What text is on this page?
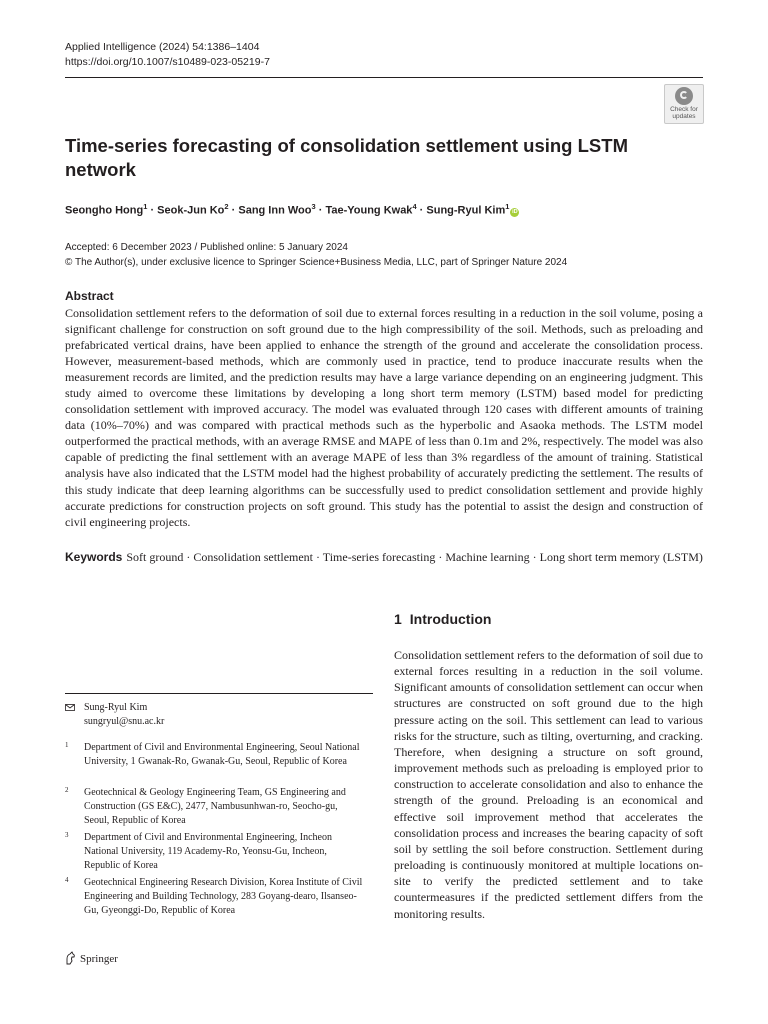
Applied Intelligence (2024) 54:1386–1404
https://doi.org/10.1007/s10489-023-05219-7
Check for
updates
Time-series forecasting of consolidation settlement using LSTM network
Seongho Hong$^1$ · Seok-Jun $Ko^2$ · Sang Inn Woo$^3$ · Tae-Young Kwak$^4$ · Sung-Ryul Kim$^1$iD
Accepted: 6 December 2023 / Published online: 5 January 2024
© The Author(s), under exclusive licence to Springer Science+Business Media, LLC, part of Springer Nature 2024
Abstract

Consolidation settlement refers to the deformation of soil due to external forces resulting in a reduction in the soil volume, posing a significant challenge for construction on soft ground due to the high compressibility of the soil. Methods, such as preloading and prefabricated vertical drains, have been applied to enhance the strength of the ground and accelerate the consolidation process. However, measurement-based methods, which are commonly used in practice, tend to produce inaccurate results when the measurement records are limited, and the prediction results may have a large variance depending on an engineering judgment. This study aimed to overcome these limitations by developing a long short term memory (LSTM) based model for predicting consolidation settlement with improved accuracy. The model was evaluated through 120 cases with different amounts of training data (10%–70%) and was compared with practical methods such as the hyperbolic and Asaoka methods. The LSTM model outperformed the practical methods, with an average RMSE and MAPE of less than 0.1m and 2%, respectively. The model was also capable of predicting the final settlement with an average MAPE of less than 3% regardless of the amount of training. Statistical analysis have also indicated that the LSTM model had the highest probability of accurately predicting the settlement. The results of this study indicate that deep learning algorithms can be successfully used to predict consolidation settlement and provide highly accurate predictions for construction projects on soft ground. This study has the potential to assist the design and construction of civil engineering projects.

Keywords Soft ground · Consolidation settlement · Time-series forecasting · Machine learning · Long short term memory (LSTM)
1 Introduction

Consolidation settlement refers to the deformation of soil due to external forces resulting in a reduction in the soil volume. Significant amounts of consolidation settlement can occur when structures are constructed on soft ground due to the high pressure acting on the soil. This settlement can lead to various risks for the structure, such as tilting, overturning, and cracking. Therefore, when designing a structure on soft ground, improvement methods such as preloading is employed prior to construction to accelerate consolidation and also to enhance the strength of the ground. Preloading is an economical and effective soil improvement method that accelerates the consolidation process and increases the bearing capacity of soft soil by settling the soil before construction. Settlement during preloading is continuously monitored at multiple locations on-site to verify the predicted settlement and to take countermeasures if the predicted settlement differs from the monitoring results.

Sung-Ryul Kim
sungryul@snu.ac.kr
1 Department of Civil and Environmental Engineering, Seoul National University, 1 Gwanak-Ro, Gwanak-Gu, Seoul, Republic of Korea
2 Geotechnical & Geology Engineering Team, GS Engineering and Construction (GS E&C), 2477, Nambusunhwan-ro, Seocho-gu, Seoul, Republic of Korea
3 Department of Civil and Environmental Engineering, Incheon National University, 119 Academy-Ro, Yeonsu-Gu, Incheon, Republic of Korea
4 Geotechnical Engineering Research Division, Korea Institute of Civil Engineering and Building Technology, 283 Goyang-dearo, Ilsanseo-Gu, Gyeonggi-Do, Republic of Korea
Springer
